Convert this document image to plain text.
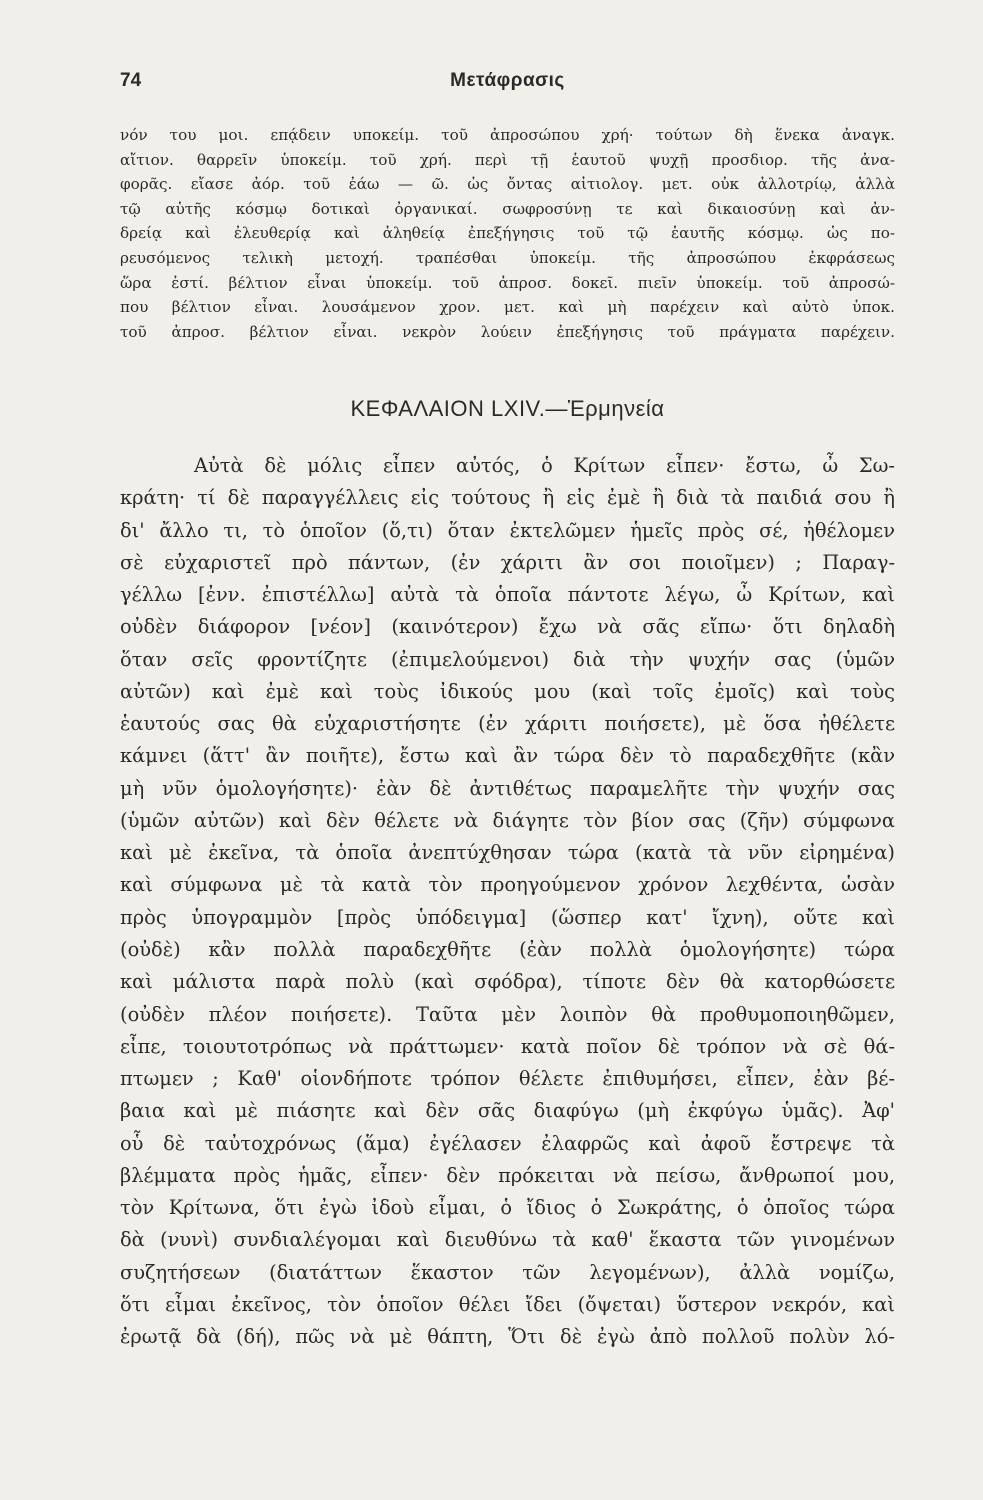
74	Μετάφρασις
νόν του μοι. επᾴδειν υποκείμ. τοῦ ἀπροσώπου χρή· τούτων δὴ ἕνεκα ἀναγκ.
αἴτιον. θαρρεῖν ὑποκείμ. τοῦ χρή. περὶ τῇ ἑαυτοῦ ψυχῇ προσδιορ. τῆς ἀνα-
φορᾶς. εἴασε ἀόρ. τοῦ ἐάω — ῶ. ὡς ὄντας αἰτιολογ. μετ. οὐκ ἀλλοτρίῳ, ἀλλὰ
τῷ αὑτῆς κόσμῳ δοτικαὶ ὀργανικαί. σωφροσύνῃ τε καὶ δικαιοσύνῃ καὶ ἀν-
δρείᾳ καὶ ἐλευθερίᾳ καὶ ἀληθείᾳ ἐπεξήγησις τοῦ τῷ ἑαυτῆς κόσμῳ. ὡς πο-
ρευσόμενος τελικὴ μετοχή. τραπέσθαι ὑποκείμ. τῆς ἀπροσώπου ἐκφράσεως
ὥρα ἐστί. βέλτιον εἶναι ὑποκείμ. τοῦ ἀπροσ. δοκεῖ. πιεῖν ὑποκείμ. τοῦ ἀπροσώ-
που βέλτιον εἶναι. λουσάμενον χρον. μετ. καὶ μὴ παρέχειν καὶ αὐτὸ ὑποκ.
τοῦ ἀπροσ. βέλτιον εἶναι. νεκρὸν λούειν ἐπεξήγησις τοῦ πράγματα παρέχειν.
ΚΕΦΑΛΑΙΟΝ LXIV.—Ἑρμηνεία
Αὐτὰ δὲ μόλις εἶπεν αὐτός, ὁ Κρίτων εἶπεν· ἔστω, ὦ Σω-
κράτη· τί δὲ παραγγέλλεις εἰς τούτους ἢ εἰς ἐμὲ ἢ διὰ τὰ παιδιά σου ἢ
δι' ἄλλο τι, τὸ ὁποῖον (ὅ,τι) ὅταν ἐκτελῶμεν ἡμεῖς πρὸς σέ, ἠθέλομεν
σὲ εὐχαριστεῖ πρὸ πάντων, (ἐν χάριτι ἂν σοι ποιοῖμεν) ; Παραγ-
γέλλω [ἐνν. ἐπιστέλλω] αὐτὰ τὰ ὁποῖα πάντοτε λέγω, ὦ Κρίτων, καὶ
οὐδὲν διάφορον [νέον] (καινότερον) ἔχω νὰ σᾶς εἴπω· ὅτι δηλαδὴ
ὅταν σεῖς φροντίζητε (ἐπιμελούμενοι) διὰ τὴν ψυχήν σας (ὑμῶν
αὐτῶν) καὶ ἐμὲ καὶ τοὺς ἰδικούς μου (καὶ τοῖς ἐμοῖς) καὶ τοὺς
ἑαυτούς σας θὰ εὐχαριστήσητε (ἐν χάριτι ποιήσετε), μὲ ὅσα ἠθέλετε
κάμνει (ἅττ' ἂν ποιῆτε), ἔστω καὶ ἂν τώρα δὲν τὸ παραδεχθῆτε (κἂν
μὴ νῦν ὁμολογήσητε)· ἐὰν δὲ ἀντιθέτως παραμελῆτε τὴν ψυχήν σας
(ὑμῶν αὐτῶν) καὶ δὲν θέλετε νὰ διάγητε τὸν βίον σας (ζῆν) σύμφωνα
καὶ μὲ ἐκεῖνα, τὰ ὁποῖα ἀνεπτύχθησαν τώρα (κατὰ τὰ νῦν εἰρημένα)
καὶ σύμφωνα μὲ τὰ κατὰ τὸν προηγούμενον χρόνον λεχθέντα, ὡσὰν
πρὸς ὑπογραμμὸν [πρὸς ὑπόδειγμα] (ὥσπερ κατ' ἴχνη), οὔτε καὶ
(οὐδὲ) κἂν πολλὰ παραδεχθῆτε (ἐὰν πολλὰ ὁμολογήσητε) τώρα
καὶ μάλιστα παρὰ πολὺ (καὶ σφόδρα), τίποτε δὲν θὰ κατορθώσετε
(οὐδὲν πλέον ποιήσετε). Ταῦτα μὲν λοιπὸν θὰ προθυμοποιηθῶμεν,
εἶπε, τοιουτοτρόπως νὰ πράττωμεν· κατὰ ποῖον δὲ τρόπον νὰ σὲ θά-
πτωμεν ; Καθ' οἱονδήποτε τρόπον θέλετε ἐπιθυμήσει, εἶπεν, ἐὰν βέ-
βαια καὶ μὲ πιάσητε καὶ δὲν σᾶς διαφύγω (μὴ ἐκφύγω ὑμᾶς). Ἀφ'
οὗ δὲ ταὐτοχρόνως (ἅμα) ἐγέλασεν ἐλαφρῶς καὶ ἀφοῦ ἔστρεψε τὰ
βλέμματα πρὸς ἡμᾶς, εἶπεν· δὲν πρόκειται νὰ πείσω, ἄνθρωποί μου,
τὸν Κρίτωνα, ὅτι ἐγὼ ἰδοὺ εἶμαι, ὁ ἴδιος ὁ Σωκράτης, ὁ ὁποῖος τώρα
δὰ (νυνὶ) συνδιαλέγομαι καὶ διευθύνω τὰ καθ' ἕκαστα τῶν γινομένων
συζητήσεων (διατάττων ἕκαστον τῶν λεγομένων), ἀλλὰ νομίζω,
ὅτι εἶμαι ἐκεῖνος, τὸν ὁποῖον θέλει ἴδει (ὄψεται) ὕστερον νεκρόν, καὶ
ἐρωτᾷ δὰ (δή), πῶς νὰ μὲ θάπτη, Ὅτι δὲ ἐγὼ ἀπὸ πολλοῦ πολὺν λό-
